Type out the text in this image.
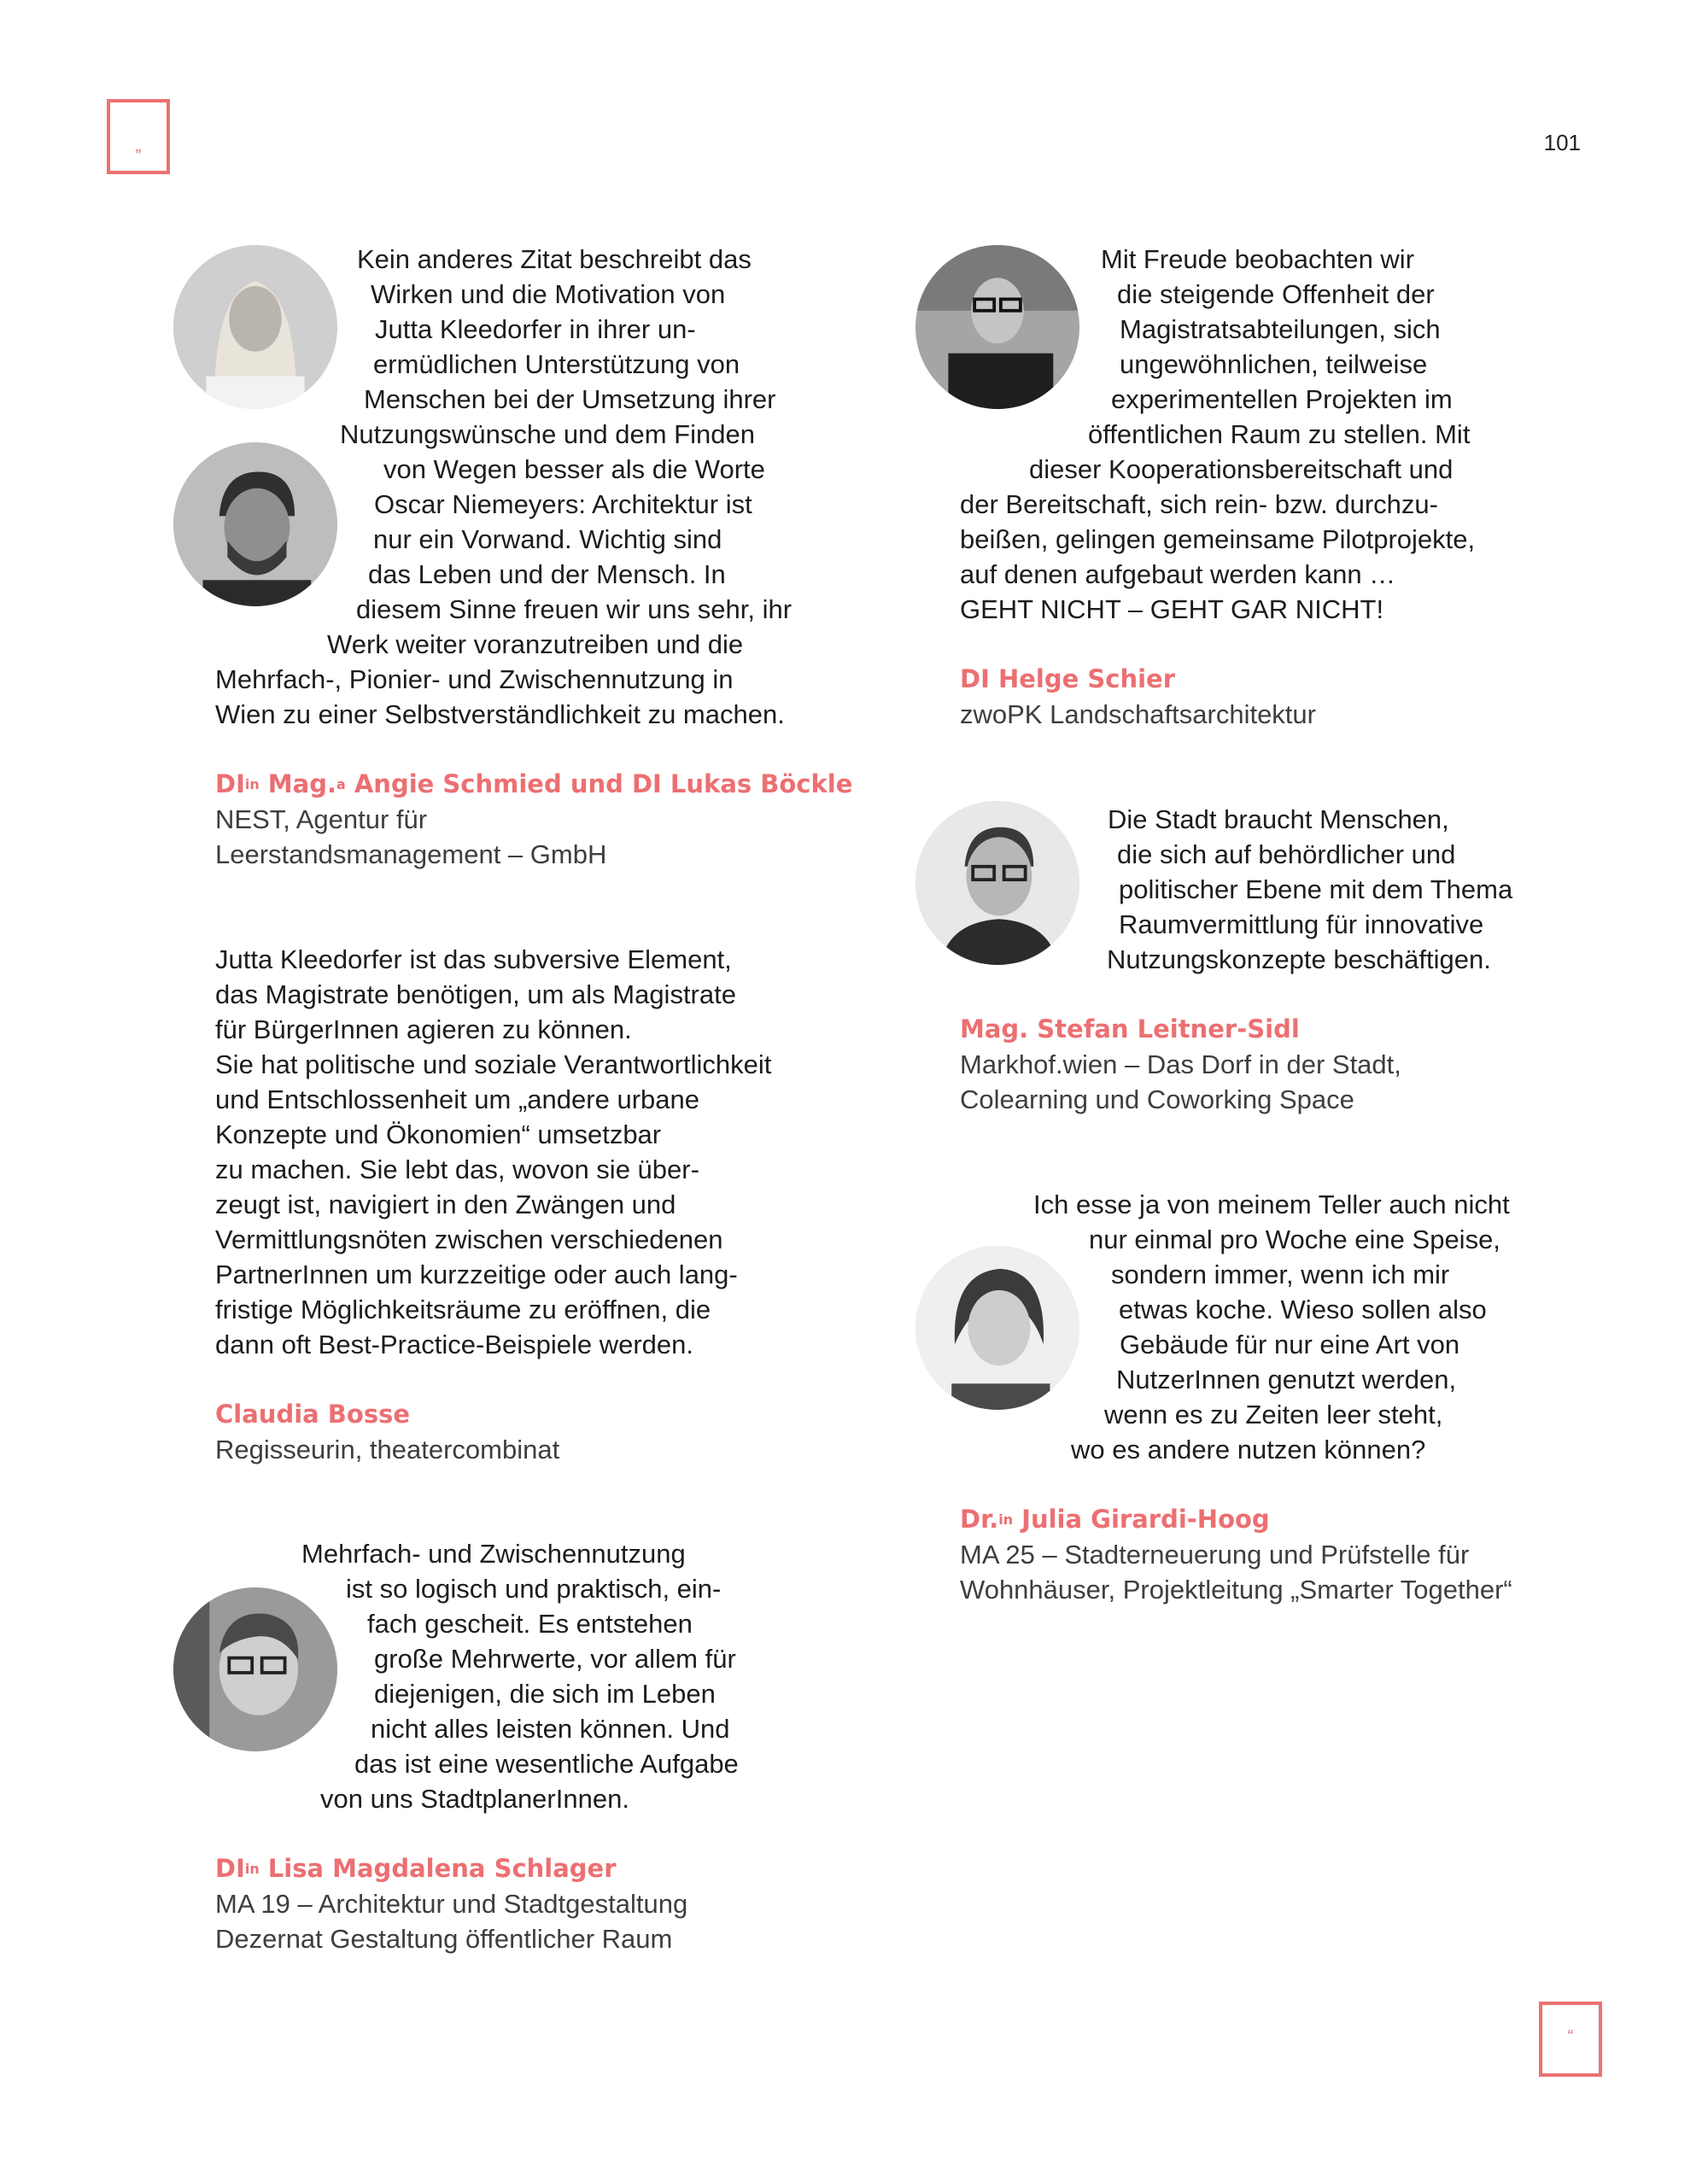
„	101
“
Kein anderes Zitat beschreibt das
Wirken und die Motivation von
Jutta Kleedorfer in ihrer un-
ermüdlichen Unterstützung von
Menschen bei der Umsetzung ihrer
Nutzungswünsche und dem Finden
von Wegen besser als die Worte
Oscar Niemeyers: Architektur ist
nur ein Vorwand. Wichtig sind
das Leben und der Mensch. In
diesem Sinne freuen wir uns sehr, ihr
Werk weiter voranzutreiben und die
Mehrfach-, Pionier- und Zwischennutzung in
Wien zu einer Selbstverständlichkeit zu machen.
$DI^{in}$ Mag.$^a$ Angie Schmied und DI Lukas Böckle
NEST, Agentur für
Leerstandsmanagement – GmbH
Jutta Kleedorfer ist das subversive Element,
das Magistrate benötigen, um als Magistrate
für BürgerInnen agieren zu können.
Sie hat politische und soziale Verantwortlichkeit
und Entschlossenheit um „andere urbane
Konzepte und Ökonomien“ umsetzbar
zu machen. Sie lebt das, wovon sie über-
zeugt ist, navigiert in den Zwängen und
Vermittlungsnöten zwischen verschiedenen
PartnerInnen um kurzzeitige oder auch lang-
fristige Möglichkeitsräume zu eröffnen, die
dann oft Best-Practice-Beispiele werden.
Claudia Bosse
Regisseurin, theatercombinat
Mehrfach- und Zwischennutzung
ist so logisch und praktisch, ein-
fach gescheit. Es entstehen
große Mehrwerte, vor allem für
diejenigen, die sich im Leben
nicht alles leisten können. Und
das ist eine wesentliche Aufgabe
von uns StadtplanerInnen.
$DI^{in}$ Lisa Magdalena Schlager
MA 19 – Architektur und Stadtgestaltung
Dezernat Gestaltung öffentlicher Raum
Mit Freude beobachten wir
die steigende Offenheit der
Magistratsabteilungen, sich
ungewöhnlichen, teilweise
experimentellen Projekten im
öffentlichen Raum zu stellen. Mit
dieser Kooperationsbereitschaft und
der Bereitschaft, sich rein- bzw. durchzu-
beißen, gelingen gemeinsame Pilotprojekte,
auf denen aufgebaut werden kann …
GEHT NICHT – GEHT GAR NICHT!
DI Helge Schier
zwoPK Landschaftsarchitektur
Die Stadt braucht Menschen,
die sich auf behördlicher und
politischer Ebene mit dem Thema
Raumvermittlung für innovative
Nutzungskonzepte beschäftigen.
Mag. Stefan Leitner-Sidl
Markhof.wien – Das Dorf in der Stadt,
Colearning und Coworking Space
Ich esse ja von meinem Teller auch nicht
nur einmal pro Woche eine Speise,
sondern immer, wenn ich mir
etwas koche. Wieso sollen also
Gebäude für nur eine Art von
NutzerInnen genutzt werden,
wenn es zu Zeiten leer steht,
wo es andere nutzen können?
Dr.$^{in}$ Julia Girardi-Hoog
MA 25 – Stadterneuerung und Prüfstelle für
Wohnhäuser, Projektleitung „Smarter Together“
